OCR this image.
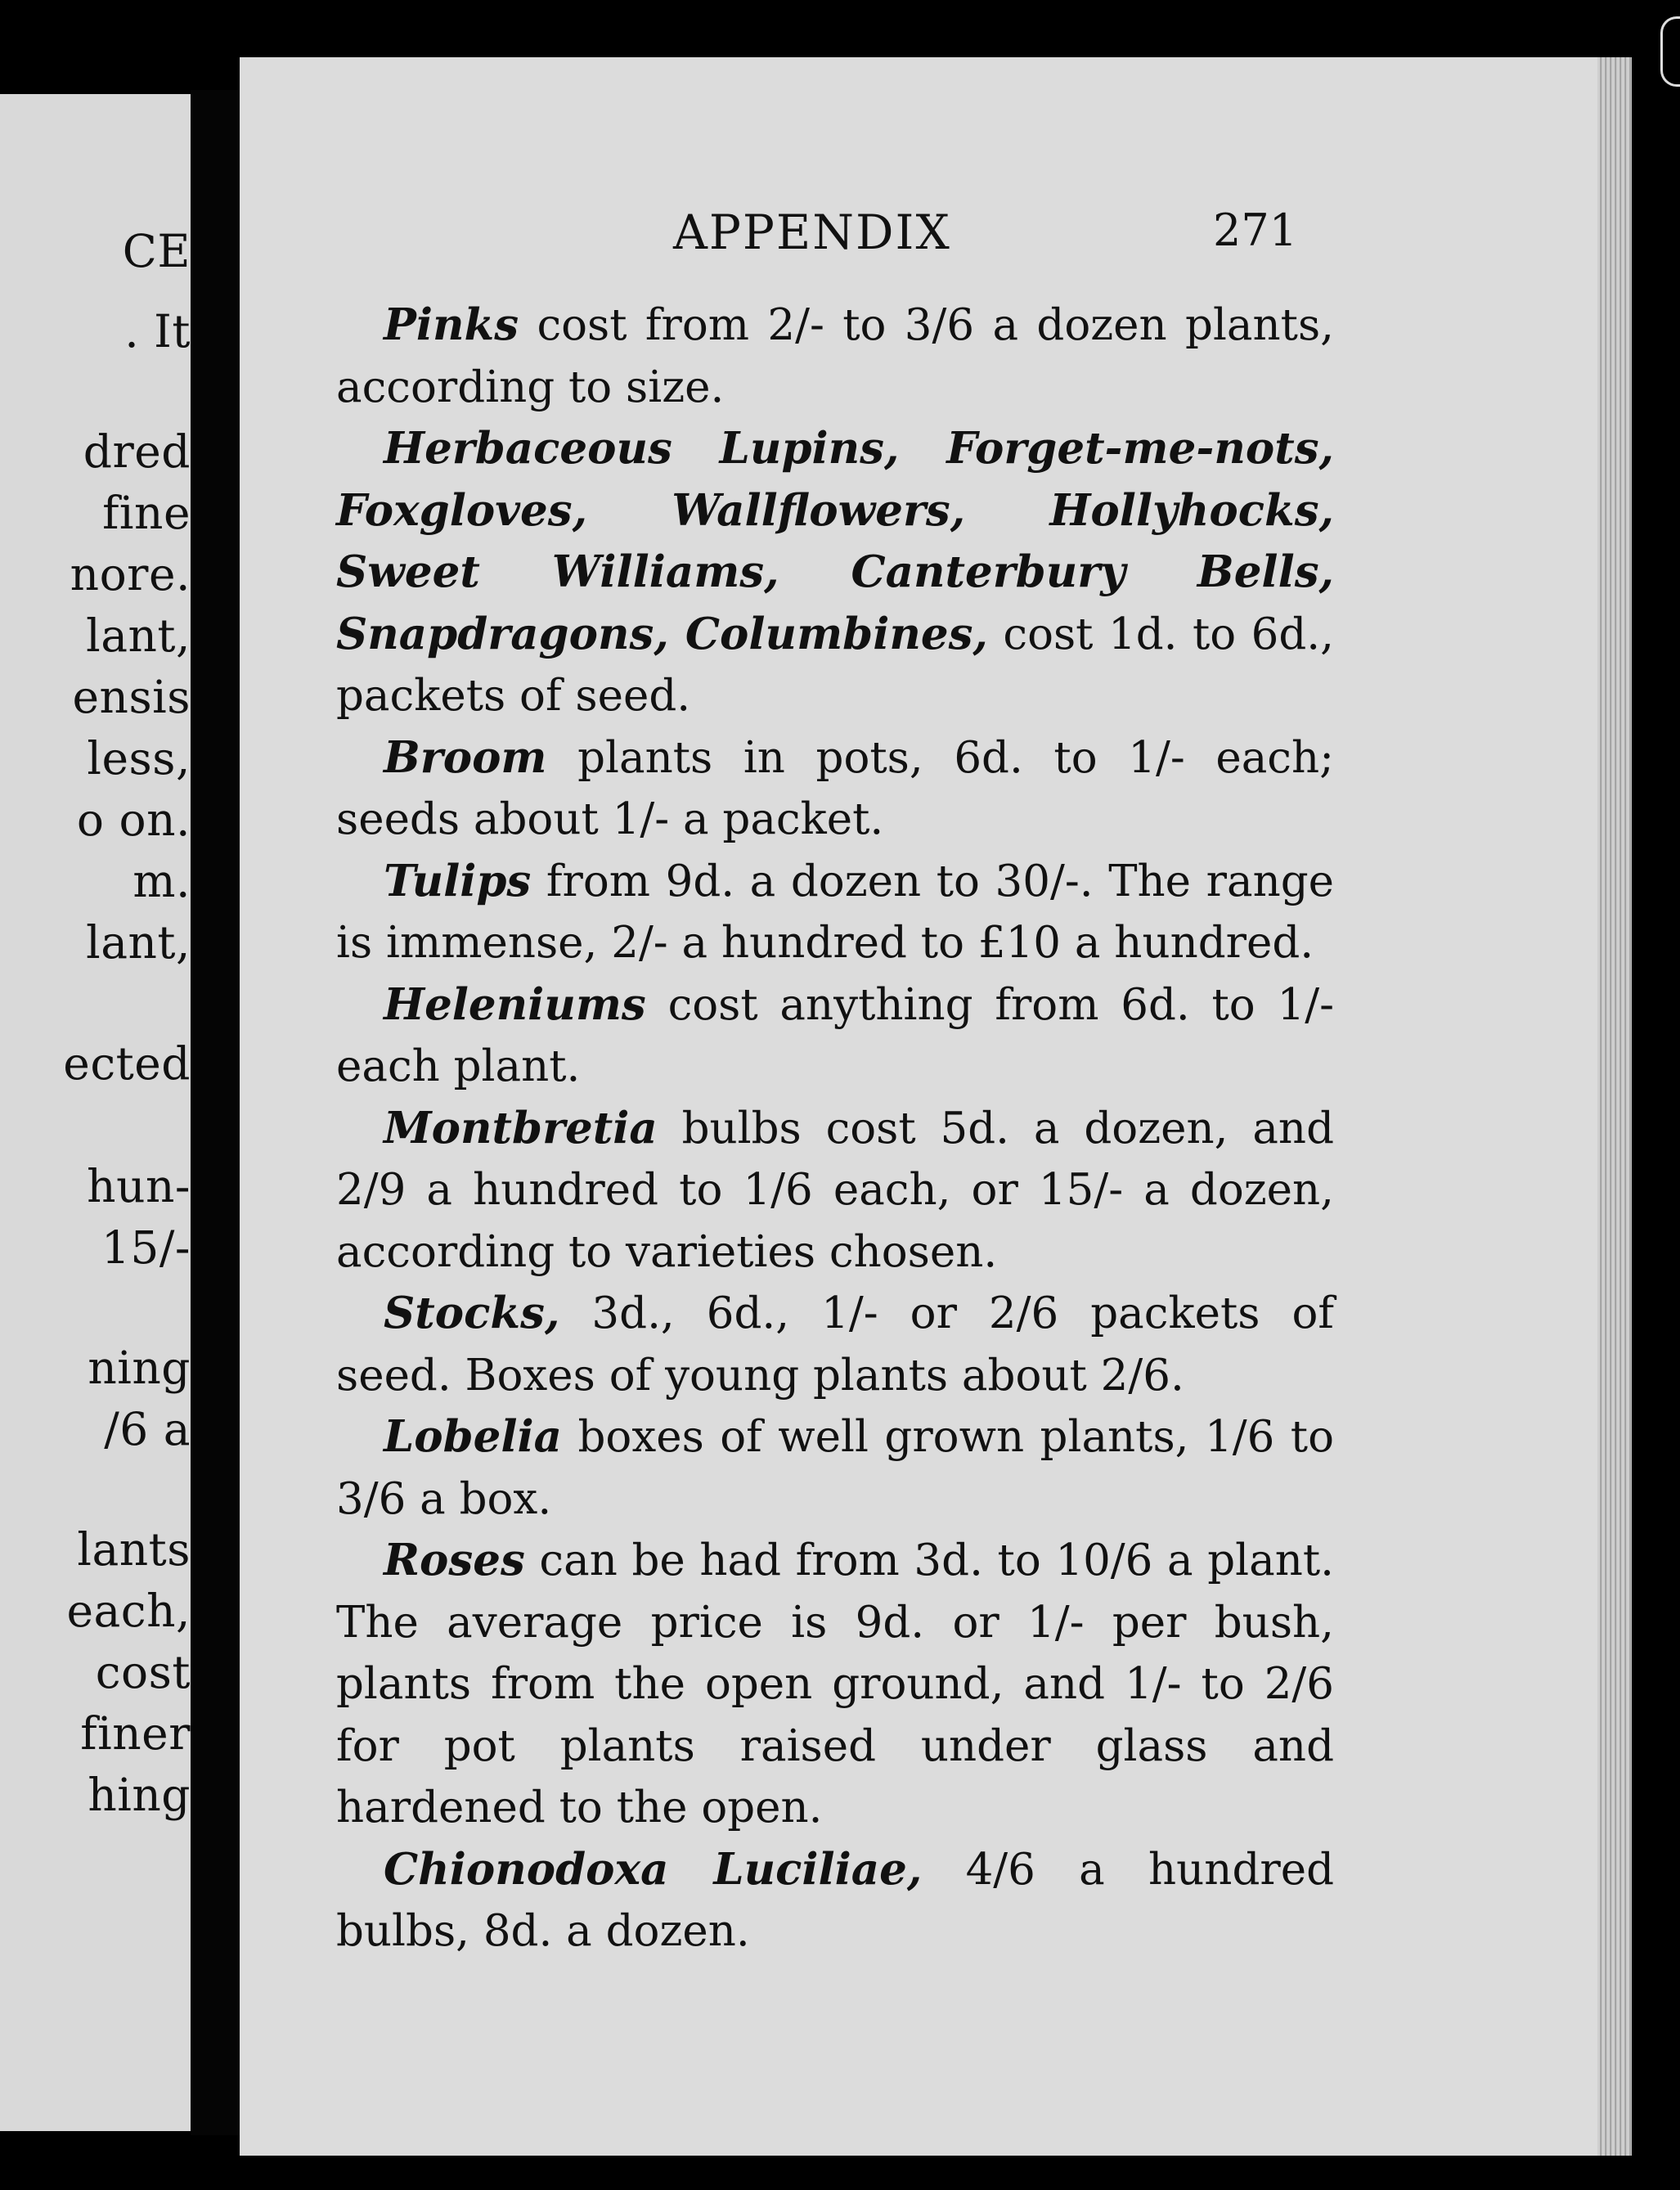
CE
. It
dred
fine
nore.
lant,
ensis
less,
o on.
m.
lant,
ected
hun-
15/-
ning
/6 a
lants
each,
cost
finer
hing
APPENDIX	271

Pinks cost from 2/- to 3/6 a dozen plants, according to size.

Herbaceous Lupins, Forget-me-nots, Foxgloves, Wallflowers, Hollyhocks, Sweet Williams, Canterbury Bells, Snapdragons, Columbines, cost 1d. to 6d., packets of seed.

Broom plants in pots, 6d. to 1/- each; seeds about 1/- a packet.

Tulips from 9d. a dozen to 30/-. The range is immense, 2/- a hundred to £10 a hundred.

Heleniums cost anything from 6d. to 1/- each plant.

Montbretia bulbs cost 5d. a dozen, and 2/9 a hundred to 1/6 each, or 15/- a dozen, according to varieties chosen.

Stocks, 3d., 6d., 1/- or 2/6 packets of seed. Boxes of young plants about 2/6.

Lobelia boxes of well grown plants, 1/6 to 3/6 a box.

Roses can be had from 3d. to 10/6 a plant. The average price is 9d. or 1/- per bush, plants from the open ground, and 1/- to 2/6 for pot plants raised under glass and hardened to the open.

Chionodoxa Luciliae, 4/6 a hundred bulbs, 8d. a dozen.
